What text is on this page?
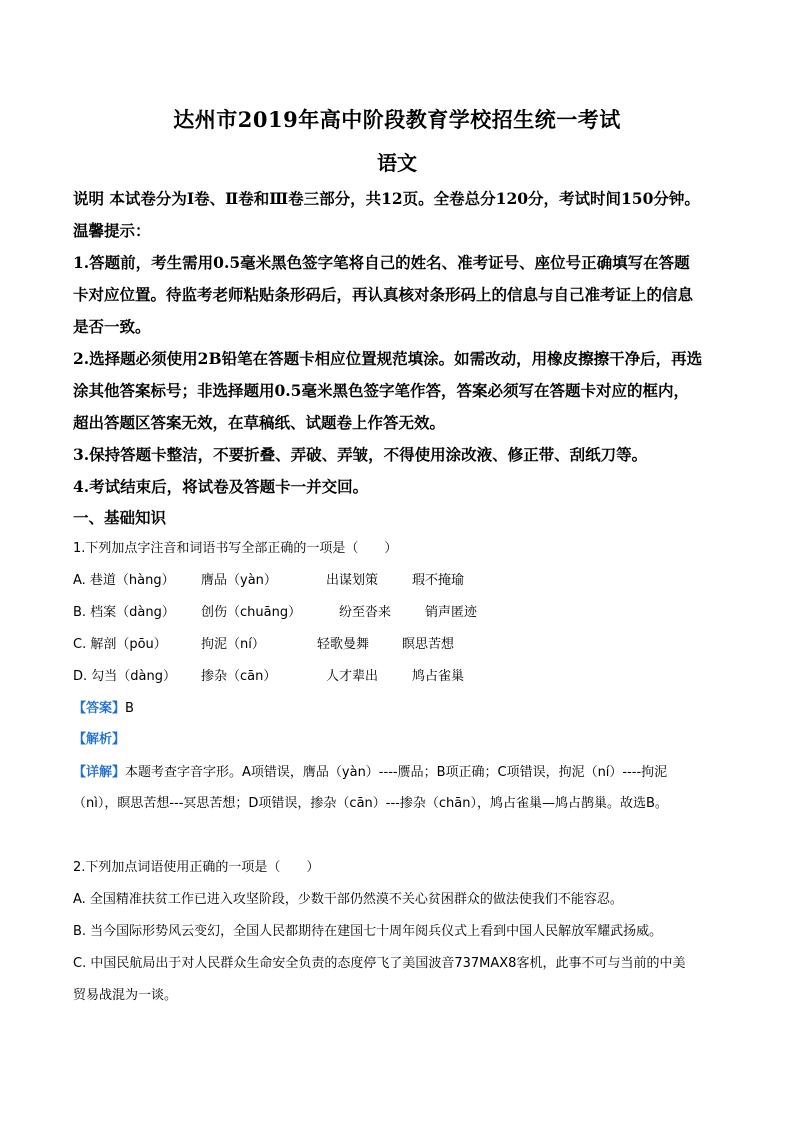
达州市2019年高中阶段教育学校招生统一考试
语文
说明 本试卷分为Ⅰ卷、Ⅱ卷和Ⅲ卷三部分，共12页。全卷总分120分，考试时间150分钟。
温馨提示：
1.答题前，考生需用0.5毫米黑色签字笔将自己的姓名、准考证号、座位号正确填写在答题
卡对应位置。待监考老师粘贴条形码后，再认真核对条形码上的信息与自己准考证上的信息
是否一致。
2.选择题必须使用2B铅笔在答题卡相应位置规范填涂。如需改动，用橡皮擦擦干净后，再选
涂其他答案标号；非选择题用0.5毫米黑色签字笔作答，答案必须写在答题卡对应的框内，
超出答题区答案无效，在草稿纸、试题卷上作答无效。
3.保持答题卡整洁，不要折叠、弄破、弄皱，不得使用涂改液、修正带、刮纸刀等。
4.考试结束后，将试卷及答题卡一并交回。
一、基础知识
1.下列加点字注音和词语书写全部正确的一项是（　　）
A. 巷道（hàng） 膺品（yàn）	出谋划策	瑕不掩瑜
B. 档案（dàng） 创伤（chuāng）	纷至沓来	销声匿迹
C. 解剖（pōu）	拘泥（ní）	轻歌曼舞	瞑思苦想
D. 勾当（dàng） 掺杂（cān）	人才辈出	鸠占雀巢
【答案】B
【解析】
【详解】本题考查字音字形。A项错误，膺品（yàn）----赝品；B项正确；C项错误，拘泥（ní）----拘泥
（nì），瞑思苦想---冥思苦想；D项错误，掺杂（cān）---掺杂（chān），鸠占雀巢—鸠占鹊巢。故选B。
2.下列加点词语使用正确的一项是（　　）
A. 全国精准扶贫工作已进入攻坚阶段，少数干部仍然漠不关心贫困群众的做法使我们不能容忍。
B. 当今国际形势风云变幻，全国人民都期待在建国七十周年阅兵仪式上看到中国人民解放军耀武扬威。
C. 中国民航局出于对人民群众生命安全负责的态度停飞了美国波音737MAX8客机，此事不可与当前的中美
贸易战混为一谈。
